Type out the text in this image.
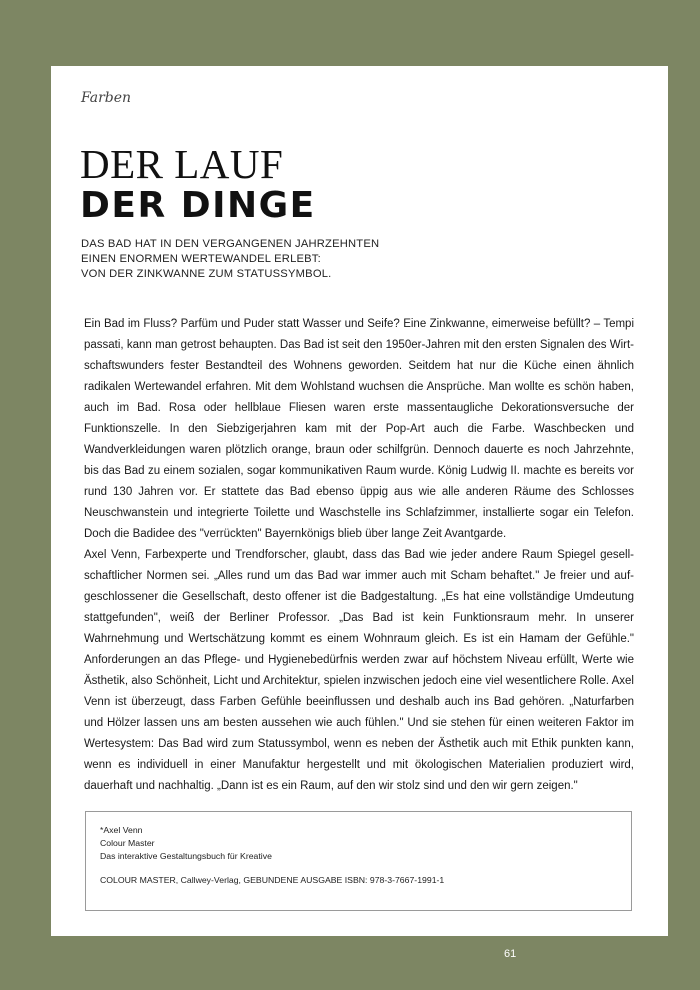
Farben
DER LAUF
DER DINGE
DAS BAD HAT IN DEN VERGANGENEN JAHRZEHNTEN
EINEN ENORMEN WERTEWANDEL ERLEBT:
VON DER ZINKWANNE ZUM STATUSSYMBOL.

Ein Bad im Fluss? Parfüm und Puder statt Wasser und Seife? Eine Zinkwanne, eimerweise befüllt? – Tempi passati, kann man getrost behaupten. Das Bad ist seit den 1950er-Jahren mit den ersten Signalen des Wirtschaftswunders fester Bestandteil des Wohnens geworden. Seitdem hat nur die Küche einen ähnlich radikalen Wertewandel erfahren. Mit dem Wohlstand wuchsen die Ansprüche. Man wollte es schön haben, auch im Bad. Rosa oder hellblaue Fliesen waren erste massentaugliche Dekorationsversuche der Funktionszelle. In den Siebzigerjahren kam mit der Pop-Art auch die Farbe. Waschbecken und Wandverkleidungen waren plötzlich orange, braun oder schilfgrün. Dennoch dauerte es noch Jahrzehnte, bis das Bad zu einem sozialen, sogar kommunikativen Raum wurde. König Ludwig II. machte es bereits vor rund 130 Jahren vor. Er stattete das Bad ebenso üppig aus wie alle anderen Räume des Schlosses Neuschwanstein und integrierte Toilette und Waschstelle ins Schlafzimmer, installierte sogar ein Telefon. Doch die Badidee des "verrückten" Bayernkönigs blieb über lange Zeit Avantgarde.

Axel Venn, Farbexperte und Trendforscher, glaubt, dass das Bad wie jeder andere Raum Spiegel gesellschaftlicher Normen sei. „Alles rund um das Bad war immer auch mit Scham behaftet." Je freier und aufgeschlossener die Gesellschaft, desto offener ist die Badgestaltung. „Es hat eine vollständige Umdeutung stattgefunden", weiß der Berliner Professor. „Das Bad ist kein Funktionsraum mehr. In unserer Wahrnehmung und Wertschätzung kommt es einem Wohnraum gleich. Es ist ein Hamam der Gefühle." Anforderungen an das Pflege- und Hygienebedürfnis werden zwar auf höchstem Niveau erfüllt, Werte wie Ästhetik, also Schönheit, Licht und Architektur, spielen inzwischen jedoch eine viel wesentlichere Rolle. Axel Venn ist überzeugt, dass Farben Gefühle beeinflussen und deshalb auch ins Bad gehören. „Naturfarben und Hölzer lassen uns am besten aussehen wie auch fühlen." Und sie stehen für einen weiteren Faktor im Wertesystem: Das Bad wird zum Statussymbol, wenn es neben der Ästhetik auch mit Ethik punkten kann, wenn es individuell in einer Manufaktur hergestellt und mit ökologischen Materialien produziert wird, dauerhaft und nachhaltig. „Dann ist es ein Raum, auf den wir stolz sind und den wir gern zeigen."

*Axel Venn
Colour Master
Das interaktive Gestaltungsbuch für Kreative
COLOUR MASTER, Callwey-Verlag, GEBUNDENE AUSGABE ISBN: 978-3-7667-1991-1
61
